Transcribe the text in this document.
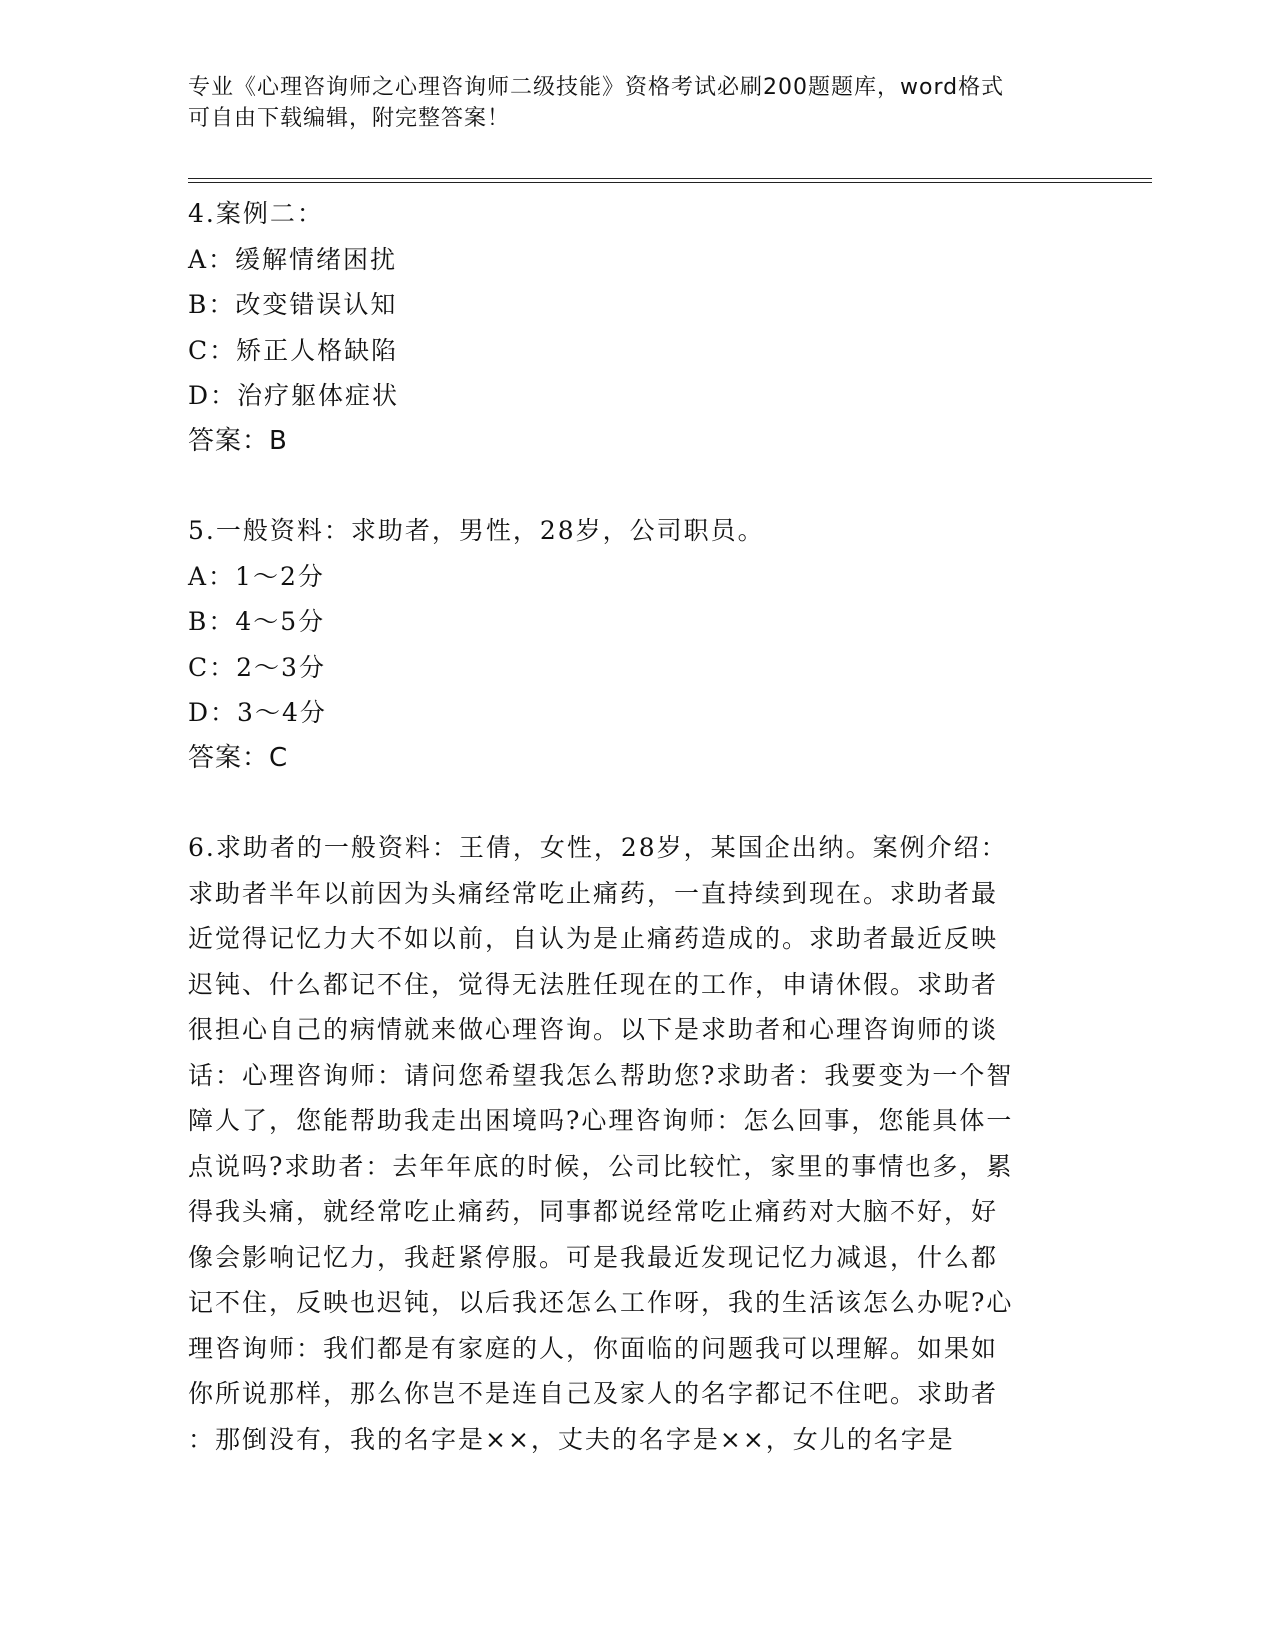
专业《心理咨询师之心理咨询师二级技能》资格考试必刷200题题库，word格式

可自由下载编辑，附完整答案！

4.案例二：
A：缓解情绪困扰
B：改变错误认知
C：矫正人格缺陷
D：治疗躯体症状
答案：B
5.一般资料：求助者，男性，28岁，公司职员。
A：1～2分
B：4～5分
C：2～3分
D：3～4分
答案：C
6.求助者的一般资料：王倩，女性，28岁，某国企出纳。案例介绍：
求助者半年以前因为头痛经常吃止痛药，一直持续到现在。求助者最
近觉得记忆力大不如以前，自认为是止痛药造成的。求助者最近反映
迟钝、什么都记不住，觉得无法胜任现在的工作，申请休假。求助者
很担心自己的病情就来做心理咨询。以下是求助者和心理咨询师的谈
话：心理咨询师：请问您希望我怎么帮助您?求助者：我要变为一个智
障人了，您能帮助我走出困境吗?心理咨询师：怎么回事，您能具体一
点说吗?求助者：去年年底的时候，公司比较忙，家里的事情也多，累
得我头痛，就经常吃止痛药，同事都说经常吃止痛药对大脑不好，好
像会影响记忆力，我赶紧停服。可是我最近发现记忆力减退，什么都
记不住，反映也迟钝，以后我还怎么工作呀，我的生活该怎么办呢?心
理咨询师：我们都是有家庭的人，你面临的问题我可以理解。如果如
你所说那样，那么你岂不是连自己及家人的名字都记不住吧。求助者
：那倒没有，我的名字是××，丈夫的名字是××，女儿的名字是
